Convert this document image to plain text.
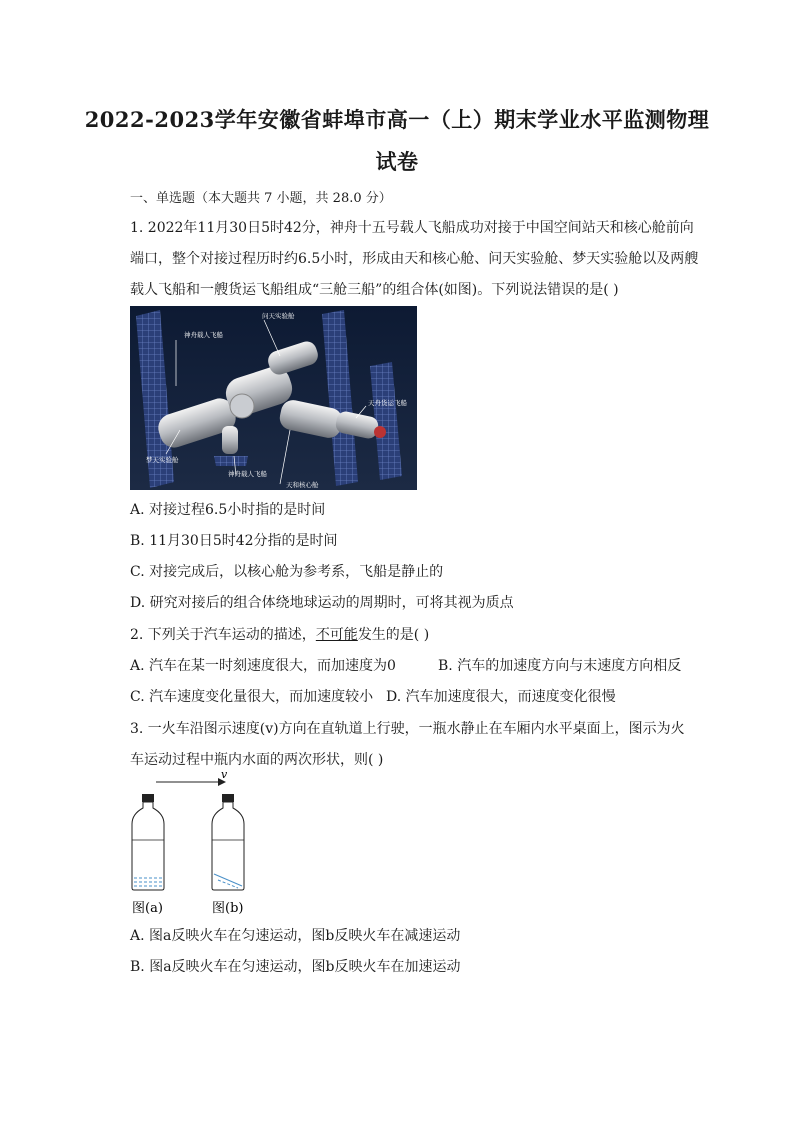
2022-2023学年安徽省蚌埠市高一（上）期末学业水平监测物理
试卷
一、单选题（本大题共 7 小题，共 28.0 分）
1. 2022年11月30日5时42分，神舟十五号载人飞船成功对接于中国空间站天和核心舱前向
端口，整个对接过程历时约6.5小时，形成由天和核心舱、问天实验舱、梦天实验舱以及两艘
载人飞船和一艘货运飞船组成“三舱三船”的组合体(如图)。下列说法错误的是( )
神舟载人飞船
问天实验舱
天舟货运飞船
梦天实验舱
神舟载人飞船
天和核心舱
A. 对接过程6.5小时指的是时间
B. 11月30日5时42分指的是时间
C. 对接完成后，以核心舱为参考系，飞船是静止的
D. 研究对接后的组合体绕地球运动的周期时，可将其视为质点
2. 下列关于汽车运动的描述，不可能发生的是( )
A. 汽车在某一时刻速度很大，而加速度为0	B. 汽车的加速度方向与末速度方向相反
C. 汽车速度变化量很大，而加速度较小 D. 汽车加速度很大，而速度变化很慢
3. 一火车沿图示速度(v)方向在直轨道上行驶，一瓶水静止在车厢内水平桌面上，图示为火
车运动过程中瓶内水面的两次形状，则( )
v
图(a)	图(b)
A. 图a反映火车在匀速运动，图b反映火车在减速运动
B. 图a反映火车在匀速运动，图b反映火车在加速运动
